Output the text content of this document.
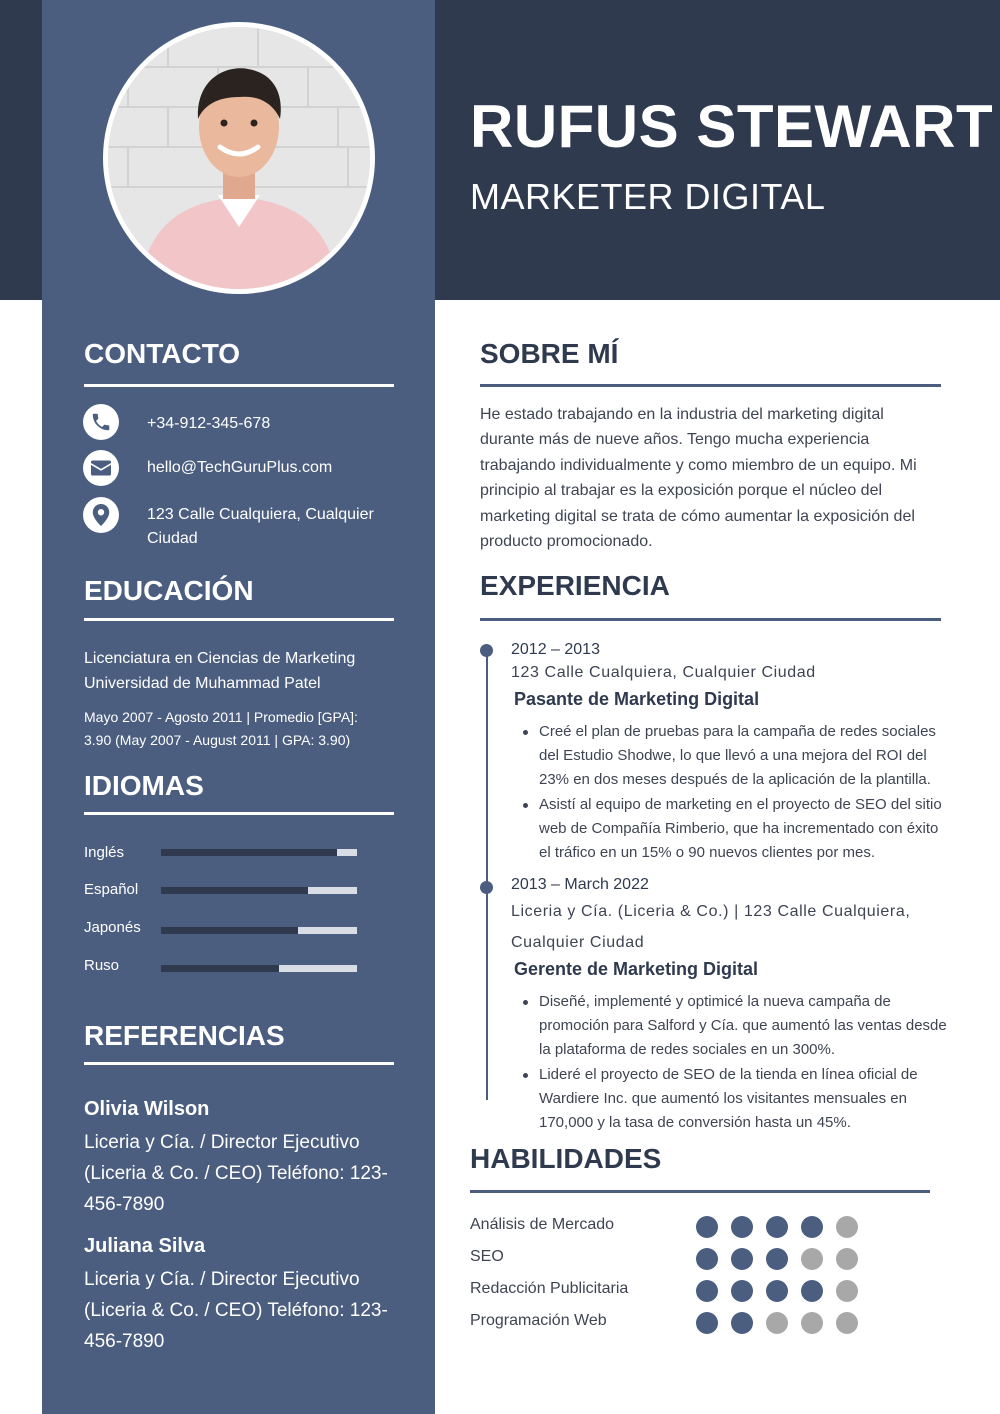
RUFUS STEWART
MARKETER DIGITAL
CONTACTO
+34-912-345-678
hello@TechGuruPlus.com
123 Calle Cualquiera, Cualquier Ciudad
EDUCACIÓN
Licenciatura en Ciencias de Marketing Universidad de Muhammad Patel
Mayo 2007 - Agosto 2011 | Promedio [GPA]: 3.90 (May 2007 - August 2011 | GPA: 3.90)
IDIOMAS
Inglés
Español
Japonés
Ruso
REFERENCIAS
Olivia Wilson
Liceria y Cía. / Director Ejecutivo (Liceria & Co. / CEO) Teléfono: 123-456-7890
Juliana Silva
Liceria y Cía. / Director Ejecutivo (Liceria & Co. / CEO) Teléfono: 123-456-7890
SOBRE MÍ
He estado trabajando en la industria del marketing digital durante más de nueve años. Tengo mucha experiencia trabajando individualmente y como miembro de un equipo. Mi principio al trabajar es la exposición porque el núcleo del marketing digital se trata de cómo aumentar la exposición del producto promocionado.
EXPERIENCIA
2012 – 2013
123 Calle Cualquiera, Cualquier Ciudad
Pasante de Marketing Digital
Creé el plan de pruebas para la campaña de redes sociales del Estudio Shodwe, lo que llevó a una mejora del ROI del 23% en dos meses después de la aplicación de la plantilla.
Asistí al equipo de marketing en el proyecto de SEO del sitio web de Compañía Rimberio, que ha incrementado con éxito el tráfico en un 15% o 90 nuevos clientes por mes.
2013 – March 2022
Liceria y Cía. (Liceria & Co.) | 123 Calle Cualquiera, Cualquier Ciudad
Gerente de Marketing Digital
Diseñé, implementé y optimicé la nueva campaña de promoción para Salford y Cía. que aumentó las ventas desde la plataforma de redes sociales en un 300%.
Lideré el proyecto de SEO de la tienda en línea oficial de Wardiere Inc. que aumentó los visitantes mensuales en 170,000 y la tasa de conversión hasta un 45%.
HABILIDADES
Análisis de Mercado
SEO
Redacción Publicitaria
Programación Web
